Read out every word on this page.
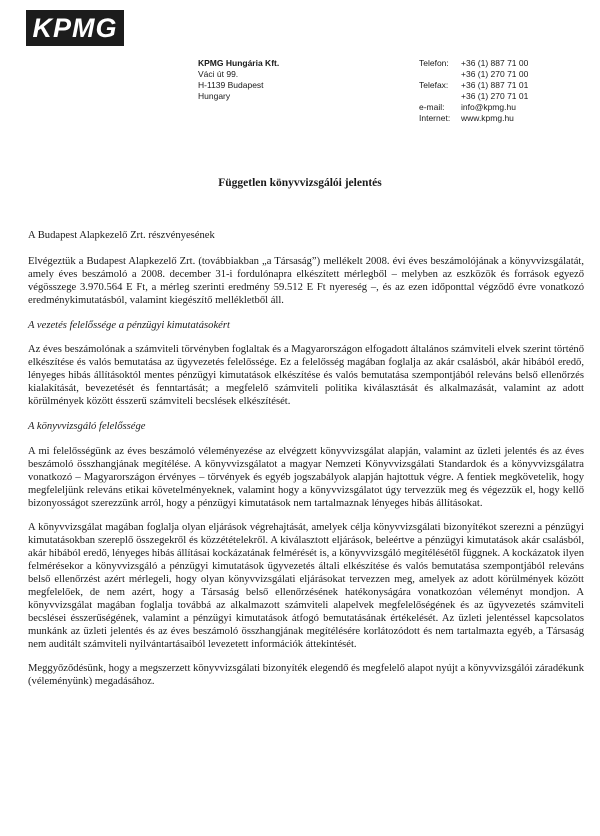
KPMG
KPMG Hungária Kft.
Váci út 99.
H-1139 Budapest
Hungary
Telefon:	+36 (1) 887 71 00
+36 (1) 270 71 00
Telefax:	+36 (1) 887 71 01
+36 (1) 270 71 01
e-mail:	info@kpmg.hu
Internet:	www.kpmg.hu
Független könyvvizsgálói jelentés

A Budapest Alapkezelő Zrt. részvényesének

Elvégeztük a Budapest Alapkezelő Zrt. (továbbiakban „a Társaság”) mellékelt 2008. évi éves beszámolójának a könyvvizsgálatát, amely éves beszámoló a 2008. december 31-i fordulónapra elkészített mérlegből – melyben az eszközök és források egyező végösszege 3.970.564 E Ft, a mérleg szerinti eredmény 59.512 E Ft nyereség –, és az ezen időponttal végződő évre vonatkozó eredménykimutatásból, valamint kiegészítő mellékletből áll.

A vezetés felelőssége a pénzügyi kimutatásokért

Az éves beszámolónak a számviteli törvényben foglaltak és a Magyarországon elfogadott általános számviteli elvek szerint történő elkészítése és valós bemutatása az ügyvezetés felelőssége. Ez a felelősség magában foglalja az akár csalásból, akár hibából eredő, lényeges hibás állításoktól mentes pénzügyi kimutatások elkészítése és valós bemutatása szempontjából releváns belső ellenőrzés kialakítását, bevezetését és fenntartását; a megfelelő számviteli politika kiválasztását és alkalmazását, valamint az adott körülmények között ésszerű számviteli becslések elkészítését.

A könyvvizsgáló felelőssége

A mi felelősségünk az éves beszámoló véleményezése az elvégzett könyvvizsgálat alapján, valamint az üzleti jelentés és az éves beszámoló összhangjának megítélése. A könyvvizsgálatot a magyar Nemzeti Könyvvizsgálati Standardok és a könyvvizsgálatra vonatkozó – Magyarországon érvényes – törvények és egyéb jogszabályok alapján hajtottuk végre. A fentiek megkövetelik, hogy megfeleljünk releváns etikai követelményeknek, valamint hogy a könyvvizsgálatot úgy tervezzük meg és végezzük el, hogy kellő bizonyosságot szerezzünk arról, hogy a pénzügyi kimutatások nem tartalmaznak lényeges hibás állításokat.

A könyvvizsgálat magában foglalja olyan eljárások végrehajtását, amelyek célja könyvvizsgálati bizonyítékot szerezni a pénzügyi kimutatásokban szereplő összegekről és közzétételekről. A kiválasztott eljárások, beleértve a pénzügyi kimutatások akár csalásból, akár hibából eredő, lényeges hibás állításai kockázatának felmérését is, a könyvvizsgáló megítélésétől függnek. A kockázatok ilyen felmérésekor a könyvvizsgáló a pénzügyi kimutatások ügyvezetés általi elkészítése és valós bemutatása szempontjából releváns belső ellenőrzést azért mérlegeli, hogy olyan könyvvizsgálati eljárásokat tervezzen meg, amelyek az adott körülmények között megfelelőek, de nem azért, hogy a Társaság belső ellenőrzésének hatékonyságára vonatkozóan véleményt mondjon. A könyvvizsgálat magában foglalja továbbá az alkalmazott számviteli alapelvek megfelelőségének és az ügyvezetés számviteli becslései ésszerűségének, valamint a pénzügyi kimutatások átfogó bemutatásának értékelését. Az üzleti jelentéssel kapcsolatos munkánk az üzleti jelentés és az éves beszámoló összhangjának megítélésére korlátozódott és nem tartalmazta egyéb, a Társaság nem auditált számviteli nyilvántartásaiból levezetett információk áttekintését.

Meggyőződésünk, hogy a megszerzett könyvvizsgálati bizonyíték elegendő és megfelelő alapot nyújt a könyvvizsgálói záradékunk (véleményünk) megadásához.
